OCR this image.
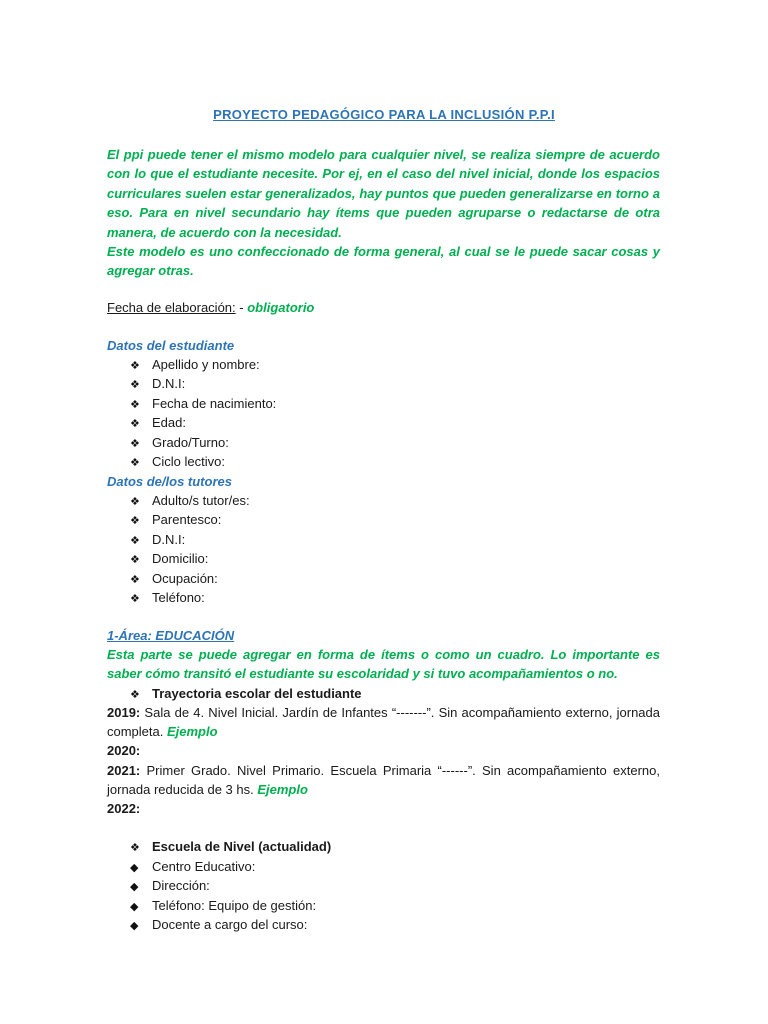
PROYECTO PEDAGÓGICO PARA LA INCLUSIÓN P.P.I

El ppi puede tener el mismo modelo para cualquier nivel, se realiza siempre de acuerdo con lo que el estudiante necesite. Por ej, en el caso del nivel inicial, donde los espacios curriculares suelen estar generalizados, hay puntos que pueden generalizarse en torno a eso. Para en nivel secundario hay ítems que pueden agruparse o redactarse de otra manera, de acuerdo con la necesidad.

Este modelo es uno confeccionado de forma general, al cual se le puede sacar cosas y agregar otras.

Fecha de elaboración: - obligatorio
Datos del estudiante
❖ Apellido y nombre:
❖ D.N.I:
❖ Fecha de nacimiento:
❖ Edad:
❖ Grado/Turno:
❖ Ciclo lectivo:
Datos de/los tutores
❖ Adulto/s tutor/es:
❖ Parentesco:
❖ D.N.I:
❖ Domicilio:
❖ Ocupación:
❖ Teléfono:
1-Área: EDUCACIÓN

Esta parte se puede agregar en forma de ítems o como un cuadro. Lo importante es saber cómo transitó el estudiante su escolaridad y si tuvo acompañamientos o no.

❖ Trayectoria escolar del estudiante

2019: Sala de 4. Nivel Inicial. Jardín de Infantes “-------”. Sin acompañamiento externo, jornada completa. Ejemplo

2020:

2021: Primer Grado. Nivel Primario. Escuela Primaria “------”. Sin acompañamiento externo, jornada reducida de 3 hs. Ejemplo

2022:
❖ Escuela de Nivel (actualidad)
◆ Centro Educativo:
◆ Dirección:
◆ Teléfono: Equipo de gestión:
◆ Docente a cargo del curso:
